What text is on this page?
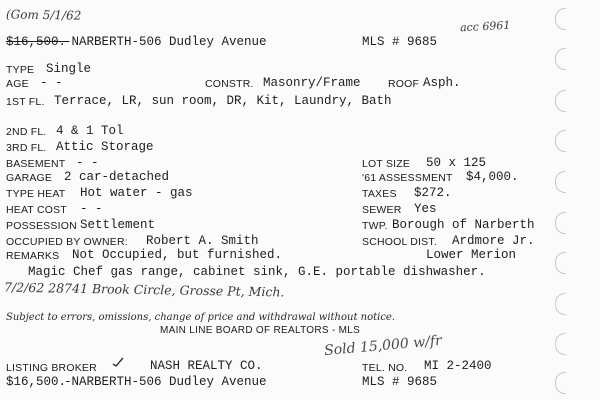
(Gom 5/1/62
acc 6961
$16,500.
-NARBERTH-506 Dudley Avenue	MLS # 9685
TYPE Single
AGE - -	CONSTR. Masonry/Frame	ROOF Asph.
1ST FL. Terrace, LR, sun room, DR, Kit, Laundry, Bath
2ND FL. 4 & 1 Tol
3RD FL. Attic Storage
BASEMENT - -
GARAGE 2 car-detached
TYPE HEAT Hot water - gas
HEAT COST - -
POSSESSION Settlement
OCCUPIED BY OWNER: Robert A. Smith
REMARKS Not Occupied, but furnished.
Magic Chef gas range, cabinet sink, G.E. portable dishwasher.
LOT SIZE 50 x 125
'61 ASSESSMENT $4,000.
TAXES $272.
SEWER Yes
TWP. Borough of Narberth
SCHOOL DIST. Ardmore Jr.
Lower Merion
7/2/62 28741 Brook Circle, Grosse Pt, Mich.
Subject to errors, omissions, change of price and withdrawal without notice.
MAIN LINE BOARD OF REALTORS - MLS
Sold 15,000 w/fr
LISTING BROKER	NASH REALTY CO.	TEL. NO. MI 2-2400
$16,500.
-NARBERTH-506 Dudley Avenue	MLS # 9685
